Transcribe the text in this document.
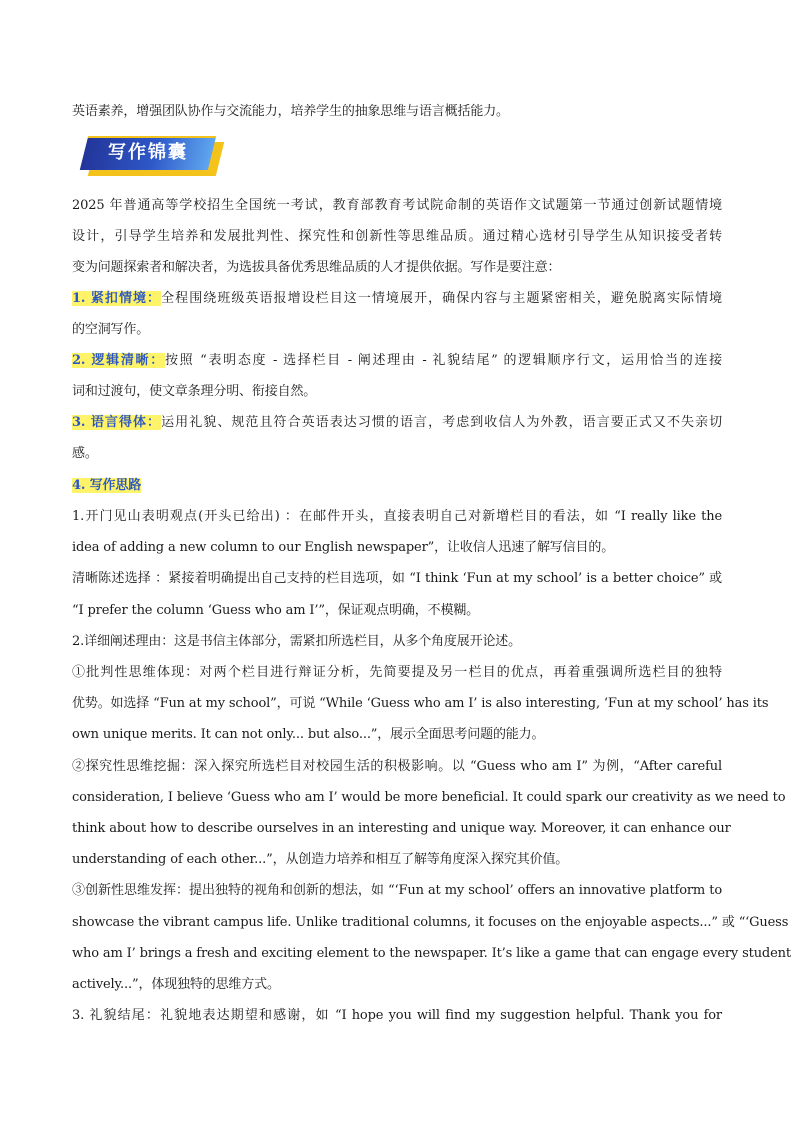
英语素养，增强团队协作与交流能力，培养学生的抽象思维与语言概括能力。
2025 年普通高等学校招生全国统一考试，教育部教育考试院命制的英语作文试题第一节通过创新试题情境
设计，引导学生培养和发展批判性、探究性和创新性等思维品质。通过精心选材引导学生从知识接受者转
变为问题探索者和解决者，为选拔具备优秀思维品质的人才提供依据。写作是要注意：
1. 紧扣情境：全程围绕班级英语报增设栏目这一情境展开，确保内容与主题紧密相关，避免脱离实际情境
的空洞写作。
2. 逻辑清晰：按照 “表明态度 - 选择栏目 - 阐述理由 - 礼貌结尾” 的逻辑顺序行文，运用恰当的连接
词和过渡句，使文章条理分明、衔接自然。
3. 语言得体：运用礼貌、规范且符合英语表达习惯的语言，考虑到收信人为外教，语言要正式又不失亲切
感。
4. 写作思路
1.开门见山表明观点(开头已给出) ：在邮件开头，直接表明自己对新增栏目的看法，如 “I really like the
idea of adding a new column to our English newspaper”，让收信人迅速了解写信目的。
清晰陈述选择 ：紧接着明确提出自己支持的栏目选项，如 “I think ‘Fun at my school’ is a better choice” 或
“I prefer the column ‘Guess who am I’”，保证观点明确，不模糊。
2.详细阐述理由：这是书信主体部分，需紧扣所选栏目，从多个角度展开论述。
①批判性思维体现：对两个栏目进行辩证分析，先简要提及另一栏目的优点，再着重强调所选栏目的独特
优势。如选择 “Fun at my school”，可说 “While ‘Guess who am I’ is also interesting, ‘Fun at my school’ has its
own unique merits. It can not only... but also...”，展示全面思考问题的能力。
②探究性思维挖掘：深入探究所选栏目对校园生活的积极影响。以 “Guess who am I” 为例，“After careful
consideration, I believe ‘Guess who am I’ would be more beneficial. It could spark our creativity as we need to
think about how to describe ourselves in an interesting and unique way. Moreover, it can enhance our
understanding of each other...”，从创造力培养和相互了解等角度深入探究其价值。
③创新性思维发挥：提出独特的视角和创新的想法，如 “‘Fun at my school’ offers an innovative platform to
showcase the vibrant campus life. Unlike traditional columns, it focuses on the enjoyable aspects...” 或 “‘Guess
who am I’ brings a fresh and exciting element to the newspaper. It’s like a game that can engage every student
actively...”，体现独特的思维方式。
3. 礼貌结尾：礼貌地表达期望和感谢，如 “I hope you will find my suggestion helpful. Thank you for
写作锦囊
